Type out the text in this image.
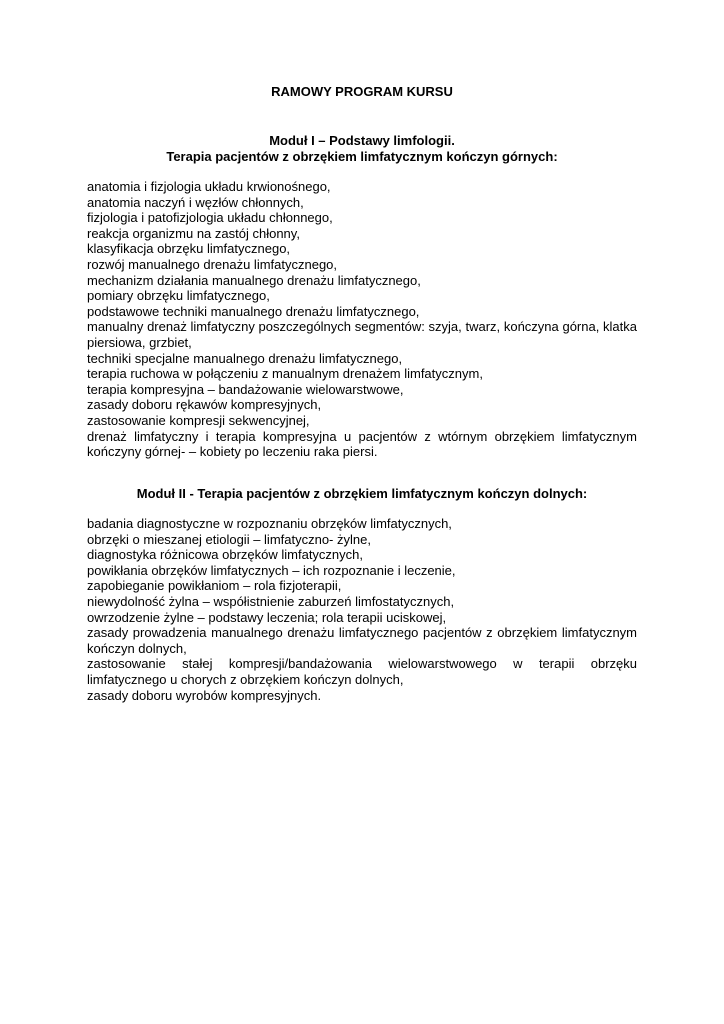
RAMOWY PROGRAM KURSU
Moduł I – Podstawy limfologii.
Terapia pacjentów z obrzękiem limfatycznym kończyn górnych:
anatomia i fizjologia układu krwionośnego,
anatomia naczyń i węzłów chłonnych,
fizjologia i patofizjologia układu chłonnego,
reakcja organizmu na zastój chłonny,
klasyfikacja obrzęku limfatycznego,
rozwój manualnego drenażu limfatycznego,
mechanizm działania manualnego drenażu limfatycznego,
pomiary obrzęku limfatycznego,
podstawowe techniki manualnego drenażu limfatycznego,
manualny drenaż limfatyczny poszczególnych segmentów: szyja, twarz, kończyna górna, klatka piersiowa, grzbiet,
techniki specjalne manualnego drenażu limfatycznego,
terapia ruchowa w połączeniu z manualnym drenażem limfatycznym,
terapia kompresyjna – bandażowanie wielowarstwowe,
zasady doboru rękawów kompresyjnych,
zastosowanie kompresji sekwencyjnej,
drenaż limfatyczny i terapia kompresyjna u pacjentów z wtórnym obrzękiem limfatycznym kończyny górnej- – kobiety po leczeniu raka piersi.
Moduł II - Terapia pacjentów z obrzękiem limfatycznym kończyn dolnych:
badania diagnostyczne w rozpoznaniu obrzęków limfatycznych,
obrzęki o mieszanej etiologii – limfatyczno- żylne,
diagnostyka różnicowa obrzęków limfatycznych,
powikłania obrzęków limfatycznych – ich rozpoznanie i leczenie,
zapobieganie powikłaniom – rola fizjoterapii,
niewydolność żylna – współistnienie zaburzeń limfostatycznych,
owrzodzenie żylne – podstawy leczenia; rola terapii uciskowej,
zasady prowadzenia manualnego drenażu limfatycznego pacjentów z obrzękiem limfatycznym kończyn dolnych,
zastosowanie stałej kompresji/bandażowania wielowarstwowego w terapii obrzęku limfatycznego u chorych z obrzękiem kończyn dolnych,
zasady doboru wyrobów kompresyjnych.
